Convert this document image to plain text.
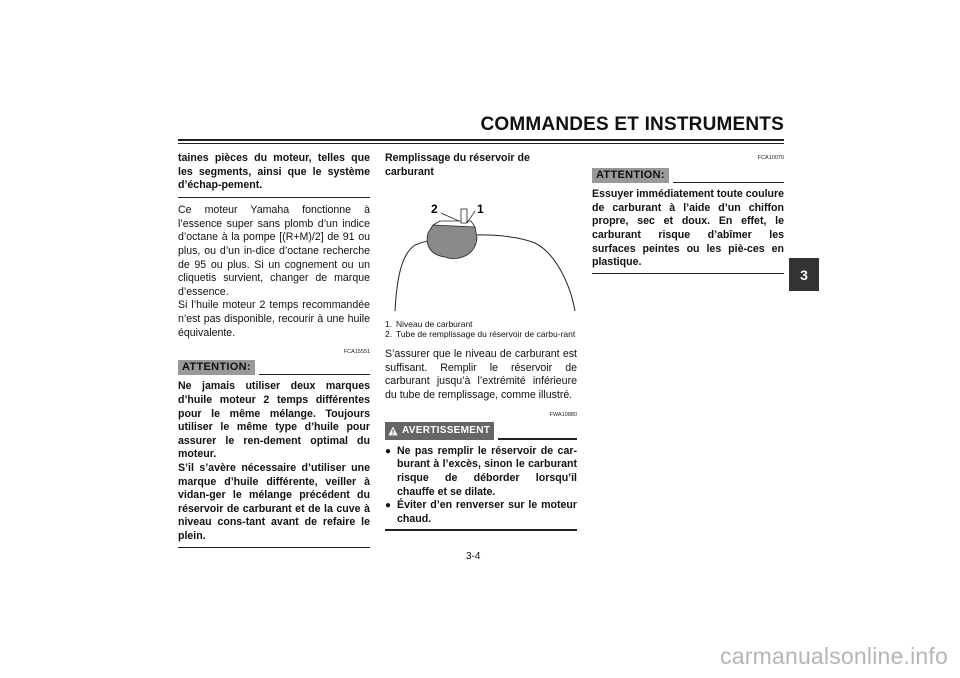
COMMANDES ET INSTRUMENTS
3

taines pièces du moteur, telles que les segments, ainsi que le système d’échap-pement.

Ce moteur Yamaha fonctionne à l’essence super sans plomb d’un indice d’octane à la pompe [(R+M)/2] de 91 ou plus, ou d’un in-dice d’octane recherche de 95 ou plus. Si un cognement ou un cliquetis survient, changer de marque d’essence.

Si l’huile moteur 2 temps recommandée n’est pas disponible, recourir à une huile équivalente.

FCA15551
ATTENTION:

Ne jamais utiliser deux marques d’huile moteur 2 temps différentes pour le même mélange. Toujours utiliser le même type d’huile pour assurer le ren-dement optimal du moteur.

S’il s’avère nécessaire d’utiliser une marque d’huile différente, veiller à vidan-ger le mélange précédent du réservoir de carburant et de la cuve à niveau cons-tant avant de refaire le plein.

Remplissage du réservoir de carburant

2	1
1. Niveau de carburant
2. Tube de remplissage du réservoir de carbu-rant

S’assurer que le niveau de carburant est suffisant. Remplir le réservoir de carburant jusqu’à l’extrémité inférieure du tube de remplissage, comme illustré.

FWA10880
AVERTISSEMENT
● Ne pas remplir le réservoir de car-burant à l’excès, sinon le carburant risque de déborder lorsqu’il chauffe et se dilate.
● Éviter d’en renverser sur le moteur chaud.
FCA10070
ATTENTION:

Essuyer immédiatement toute coulure de carburant à l’aide d’un chiffon propre, sec et doux. En effet, le carburant risque d’abîmer les surfaces peintes ou les piè-ces en plastique.

3-4
carmanualsonline.info
